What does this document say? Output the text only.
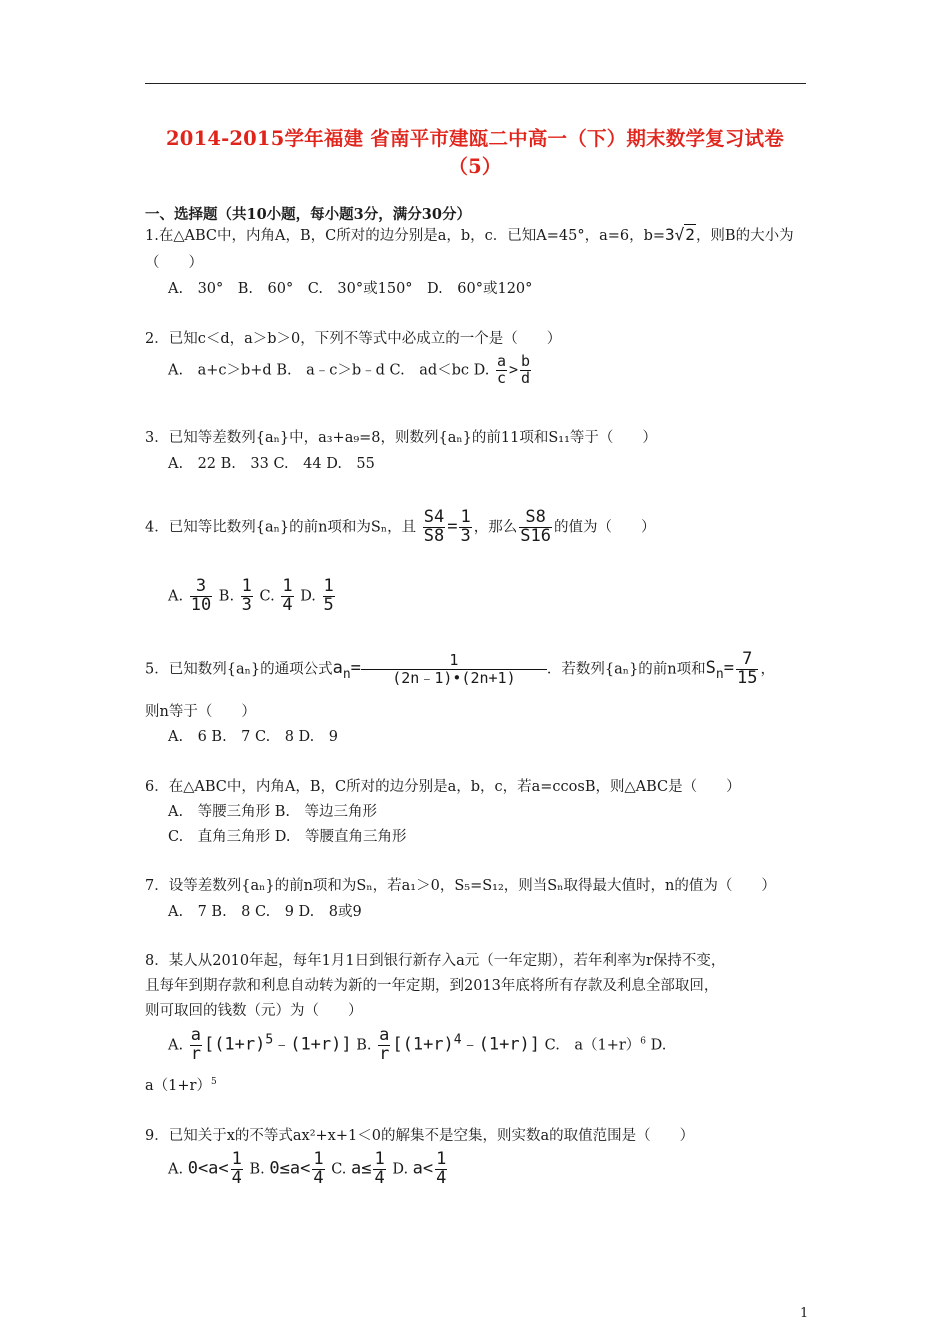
2014-2015学年福建 省南平市建瓯二中高一（下）期末数学复习试卷
（5）
一、选择题（共10小题，每小题3分，满分30分）
1.在△ABC中，内角A，B，C所对的边分别是a，b，c．已知A=45°，a=6，b=3√2，则B的大小为
（　　）
A.　30°　B.　60°　C.　30°或150°　D.　60°或120°
2．已知c＜d，a＞b＞0，下列不等式中必成立的一个是（　　）
A.　a+c＞b+d B.　a﹣c＞b﹣d C.　ad＜bc D. $\frac{a}{c} > \frac{b}{d}$
3．已知等差数列{aₙ}中，a₃+a₉=8，则数列{aₙ}的前11项和S₁₁等于（　　）
A.　22 B.　33 C.　44 D.　55
4．已知等比数列{aₙ}的前n项和为Sₙ，且 $\frac{S4}{S8} = \frac{1}{3}$ ，那么 $\frac{S8}{S16}$ 的值为（　　）
A. $\frac{3}{10} B$. $\frac{1}{3} C$. $\frac{1}{4} D$. $\frac{1}{5}$
5．已知数列{aₙ}的通项公式$a_n= \frac{1}{(2n﹣1)•(2n+1)}$ ．若数列{aₙ}的前n项和$S_n= \frac{7}{15}$ ，
则n等于（　　）
A.　6 B.　7 C.　8 D.　9
6．在△ABC中，内角A，B，C所对的边分别是a，b，c，若a=ccosB，则△ABC是（　　）
A.　等腰三角形 B.　等边三角形
C.　直角三角形 D.　等腰直角三角形
7．设等差数列{aₙ}的前n项和为Sₙ，若a₁＞0，S₅=S₁₂，则当Sₙ取得最大值时，n的值为（　　）
A.　7 B.　8 C.　9 D.　8或9
8．某人从2010年起，每年1月1日到银行新存入a元（一年定期），若年利率为r保持不变，
且每年到期存款和利息自动转为新的一年定期，到2013年底将所有存款及利息全部取回，
则可取回的钱数（元）为（　　）
A. $\frac{a}{r}$ [(1+r)5﹣(1+r)] B. $\frac{a}{r}$ [(1+r)4﹣(1+r)] C.　$a(1+r)^6$ D.
$a(1+r)^5$
9．已知关于x的不等式ax²+x+1＜0的解集不是空集，则实数a的取值范围是（　　）
A. $0<a< \frac{1}{4} B$. $0\le a< \frac{1}{4} C$. $a\le \frac{1}{4} D$. $a< \frac{1}{4}$
1
